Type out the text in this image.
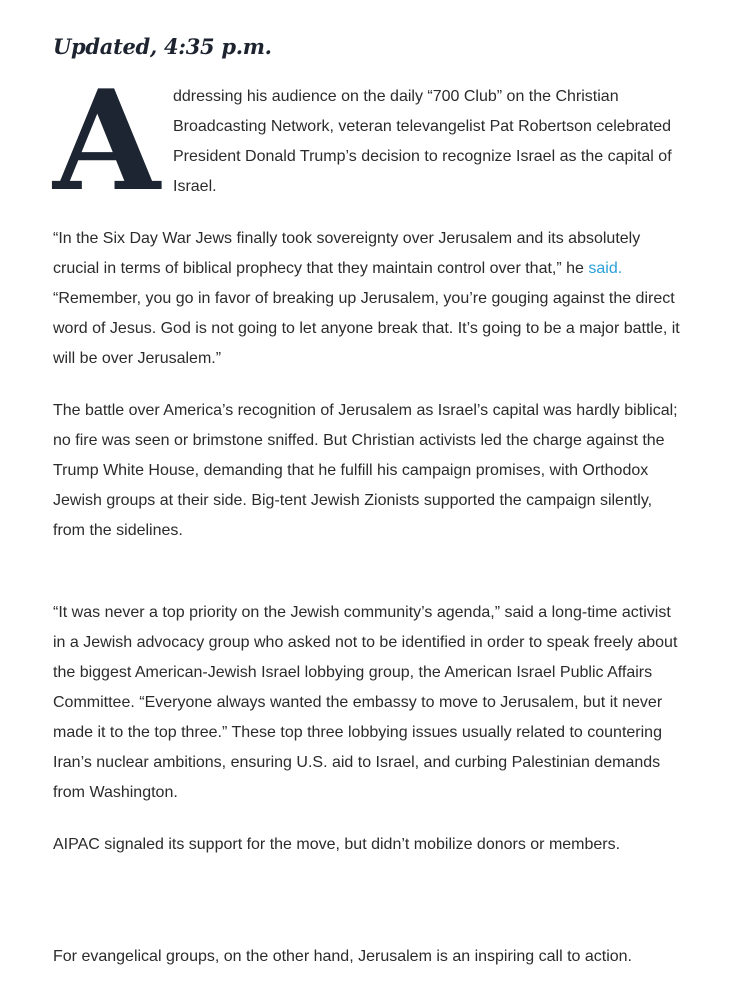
Updated, 4:35 p.m.
A ddressing his audience on the daily “700 Club” on the Christian Broadcasting Network, veteran televangelist Pat Robertson celebrated President Donald Trump’s decision to recognize Israel as the capital of Israel.

“In the Six Day War Jews finally took sovereignty over Jerusalem and its absolutely crucial in terms of biblical prophecy that they maintain control over that,” he said. “Remember, you go in favor of breaking up Jerusalem, you’re gouging against the direct word of Jesus. God is not going to let anyone break that. It’s going to be a major battle, it will be over Jerusalem.”

The battle over America’s recognition of Jerusalem as Israel’s capital was hardly biblical; no fire was seen or brimstone sniffed. But Christian activists led the charge against the Trump White House, demanding that he fulfill his campaign promises, with Orthodox Jewish groups at their side. Big-tent Jewish Zionists supported the campaign silently, from the sidelines.

“It was never a top priority on the Jewish community’s agenda,” said a long-time activist in a Jewish advocacy group who asked not to be identified in order to speak freely about the biggest American-Jewish Israel lobbying group, the American Israel Public Affairs Committee. “Everyone always wanted the embassy to move to Jerusalem, but it never made it to the top three.” These top three lobbying issues usually related to countering Iran’s nuclear ambitions, ensuring U.S. aid to Israel, and curbing Palestinian demands from Washington.

AIPAC signaled its support for the move, but didn’t mobilize donors or members.

For evangelical groups, on the other hand, Jerusalem is an inspiring call to action.
